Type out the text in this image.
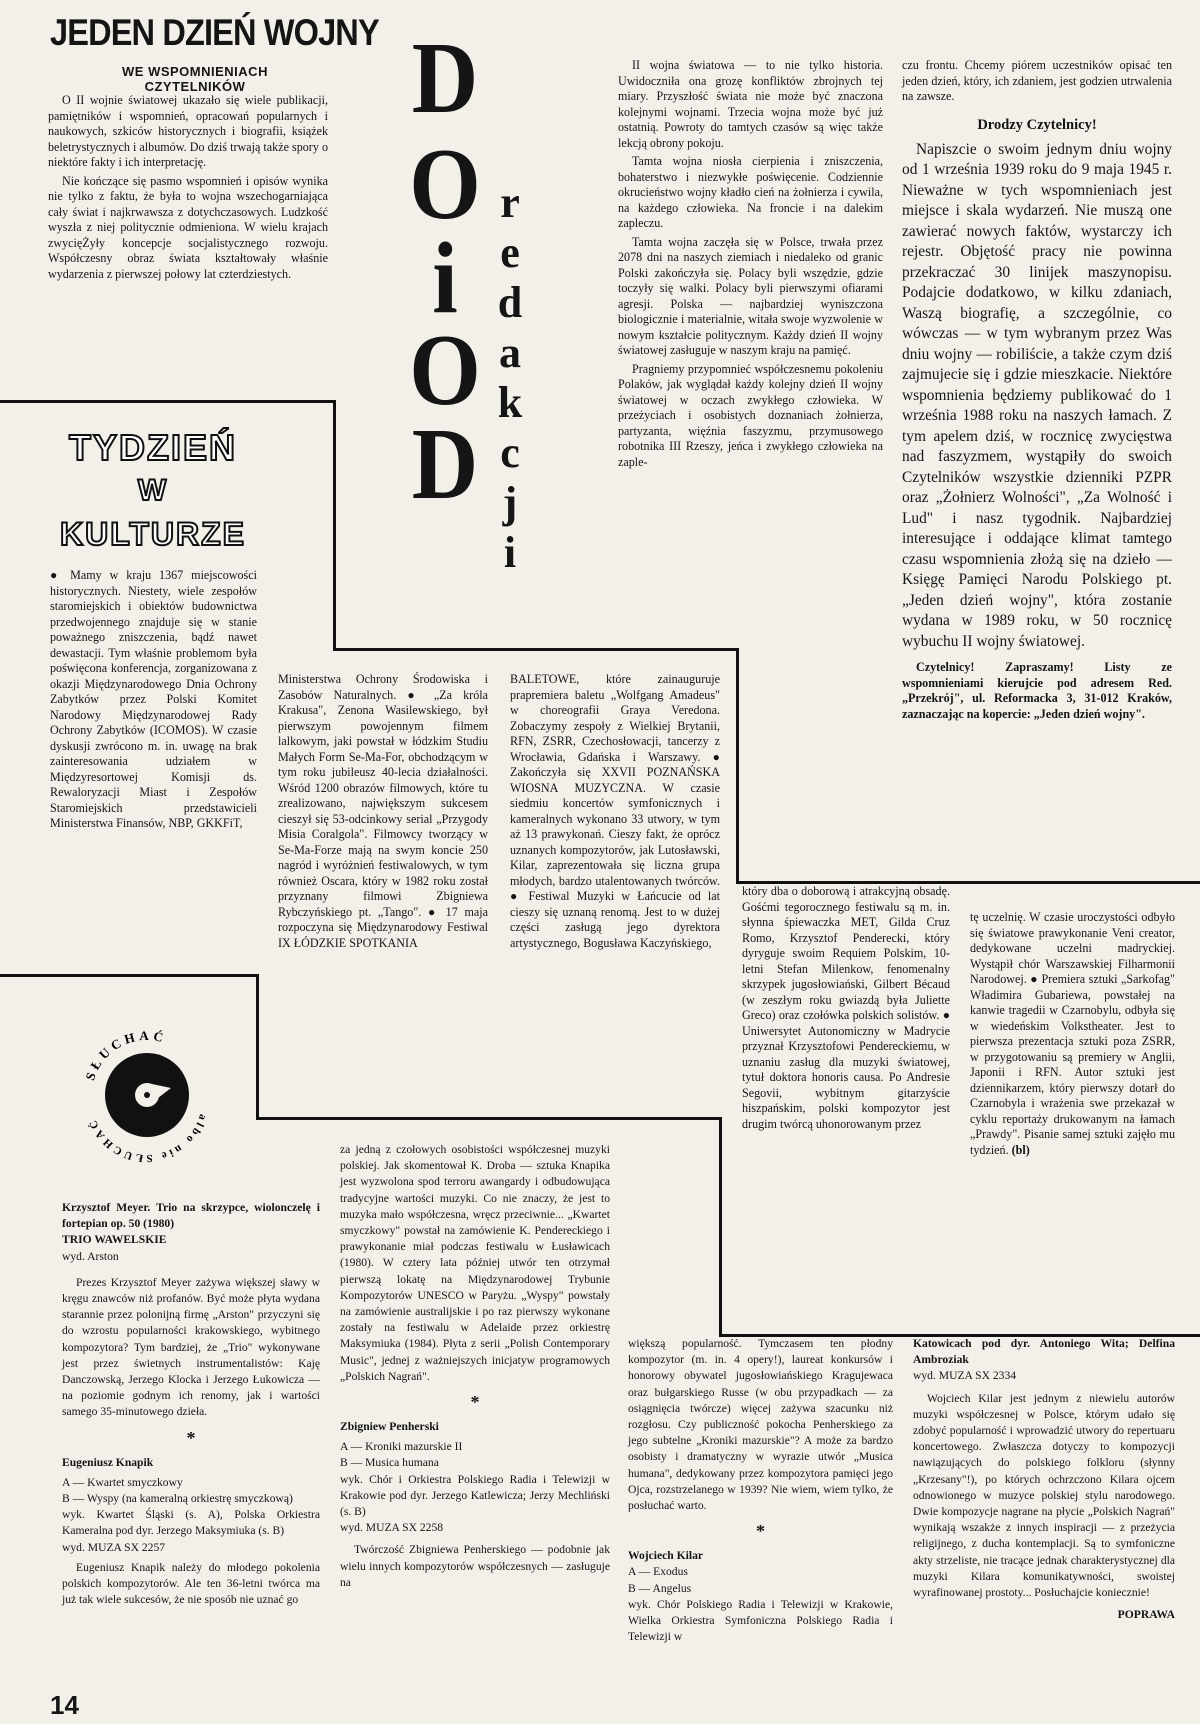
JEDEN DZIEŃ WOJNY
WE WSPOMNIENIACH
CZYTELNIKÓW

O II wojnie światowej ukazało się wiele publikacji, pamiętników i wspomnień, opracowań popularnych i naukowych, szkiców historycznych i biografii, książek beletrystycznych i albumów. Do dziś trwają także spory o niektóre fakty i ich interpretację.

Nie kończące się pasmo wspomnień i opisów wynika nie tylko z faktu, że była to wojna wszechogarniająca cały świat i najkrwawsza z dotychczasowych. Ludzkość wyszła z niej politycznie odmieniona. W wielu krajach zwycięŻyły koncepcje socjalistycznego rozwoju. Współczesny obraz świata kształtowały właśnie wydarzenia z pierwszej połowy lat czterdziestych.

D
O
i
O
D
r
e
d
a
k
c
j
i

II wojna światowa — to nie tylko historia. Uwidoczniła ona grozę konfliktów zbrojnych tej miary. Przyszłość świata nie może być znaczona kolejnymi wojnami. Trzecia wojna może być już ostatnią. Powroty do tamtych czasów są więc także lekcją obrony pokoju.

Tamta wojna niosła cierpienia i zniszczenia, bohaterstwo i niezwykłe poświęcenie. Codziennie okrucieństwo wojny kładło cień na żołnierza i cywila, na każdego człowieka. Na froncie i na dalekim zapleczu.

Tamta wojna zaczęła się w Polsce, trwała przez 2078 dni na naszych ziemiach i niedaleko od granic Polski zakończyła się. Polacy byli wszędzie, gdzie toczyły się walki. Polacy byli pierwszymi ofiarami agresji. Polska — najbardziej wyniszczona biologicznie i materialnie, witała swoje wyzwolenie w nowym kształcie politycznym. Każdy dzień II wojny światowej zasługuje w naszym kraju na pamięć.

Pragniemy przypomnieć współczesnemu pokoleniu Polaków, jak wyglądał każdy kolejny dzień II wojny światowej w oczach zwykłego człowieka. W przeżyciach i osobistych doznaniach żołnierza, partyzanta, więźnia faszyzmu, przymusowego robotnika III Rzeszy, jeńca i zwykłego człowieka na zaple-

czu frontu. Chcemy piórem uczestników opisać ten jeden dzień, który, ich zdaniem, jest godzien utrwalenia na zawsze.

Drodzy Czytelnicy!

Napiszcie o swoim jednym dniu wojny od 1 września 1939 roku do 9 maja 1945 r. Nieważne w tych wspomnieniach jest miejsce i skala wydarzeń. Nie muszą one zawierać nowych faktów, wystarczy ich rejestr. Objętość pracy nie powinna przekraczać 30 linijek maszynopisu. Podajcie dodatkowo, w kilku zdaniach, Waszą biografię, a szczególnie, co wówczas — w tym wybranym przez Was dniu wojny — robiliście, a także czym dziś zajmujecie się i gdzie mieszkacie. Niektóre wspomnienia będziemy publikować do 1 września 1988 roku na naszych łamach. Z tym apelem dziś, w rocznicę zwycięstwa nad faszyzmem, wystąpiły do swoich Czytelników wszystkie dzienniki PZPR oraz „Żołnierz Wolności", „Za Wolność i Lud" i nasz tygodnik. Najbardziej interesujące i oddające klimat tamtego czasu wspomnienia złożą się na dzieło — Księgę Pamięci Narodu Polskiego pt. „Jeden dzień wojny", która zostanie wydana w 1989 roku, w 50 rocznicę wybuchu II wojny światowej.

Czytelnicy! Zapraszamy! Listy ze wspomnieniami kierujcie pod adresem Red. „Przekrój", ul. Reformacka 3, 31-012 Kraków, zaznaczając na kopercie: „Jeden dzień wojny".

TYDZIEŃ
W
KULTURZE

● Mamy w kraju 1367 miejscowości historycznych. Niestety, wiele zespołów staromiejskich i obiektów budownictwa przedwojennego znajduje się w stanie poważnego zniszczenia, bądź nawet dewastacji. Tym właśnie problemom była poświęcona konferencja, zorganizowana z okazji Międzynarodowego Dnia Ochrony Zabytków przez Polski Komitet Narodowy Międzynarodowej Rady Ochrony Zabytków (ICOMOS). W czasie dyskusji zwrócono m. in. uwagę na brak zainteresowania udziałem w Międzyresortowej Komisji ds. Rewaloryzacji Miast i Zespołów Staromiejskich przedstawicieli Ministerstwa Finansów, NBP, GKKFiT,

Ministerstwa Ochrony Środowiska i Zasobów Naturalnych. ● „Za króla Krakusa", Zenona Wasilewskiego, był pierwszym powojennym filmem lalkowym, jaki powstał w łódzkim Studiu Małych Form Se-Ma-For, obchodzącym w tym roku jubileusz 40-lecia działalności. Wśród 1200 obrazów filmowych, które tu zrealizowano, największym sukcesem cieszył się 53-odcinkowy serial „Przygody Misia Coralgola". Filmowcy tworzący w Se-Ma-Forze mają na swym koncie 250 nagród i wyróżnień festiwalowych, w tym również Oscara, który w 1982 roku został przyznany filmowi Zbigniewa Rybczyńskiego pt. „Tango". ● 17 maja rozpoczyna się Międzynarodowy Festiwal IX ŁÓDZKIE SPOTKANIA

BALETOWE, które zainauguruje prapremiera baletu „Wolfgang Amadeus" w choreografii Graya Veredona. Zobaczymy zespoły z Wielkiej Brytanii, RFN, ZSRR, Czechosłowacji, tancerzy z Wrocławia, Gdańska i Warszawy. ● Zakończyła się XXVII POZNAŃSKA WIOSNA MUZYCZNA. W czasie siedmiu koncertów symfonicznych i kameralnych wykonano 33 utwory, w tym aż 13 prawykonań. Cieszy fakt, że oprócz uznanych kompozytorów, jak Lutosławski, Kilar, zaprezentowała się liczna grupa młodych, bardzo utalentowanych twórców. ● Festiwal Muzyki w Łańcucie od lat cieszy się uznaną renomą. Jest to w dużej części zasługą jego dyrektora artystycznego, Bogusława Kaczyńskiego,

który dba o doborową i atrakcyjną obsadę. Gośćmi tegorocznego festiwalu są m. in. słynna śpiewaczka MET, Gilda Cruz Romo, Krzysztof Penderecki, który dyryguje swoim Requiem Polskim, 10-letni Stefan Milenkow, fenomenalny skrzypek jugosłowiański, Gilbert Bécaud (w zeszłym roku gwiazdą była Juliette Greco) oraz czołówka polskich solistów. ● Uniwersytet Autonomiczny w Madrycie przyznał Krzysztofowi Pendereckiemu, w uznaniu zasług dla muzyki światowej, tytuł doktora honoris causa. Po Andresie Segovii, wybitnym gitarzyście hiszpańskim, polski kompozytor jest drugim twórcą uhonorowanym przez

tę uczelnię. W czasie uroczystości odbyło się światowe prawykonanie Veni creator, dedykowane uczelni madryckiej. Wystąpił chór Warszawskiej Filharmonii Narodowej. ● Premiera sztuki „Sarkofag" Władimira Gubariewa, powstałej na kanwie tragedii w Czarnobylu, odbyła się w wiedeńskim Volkstheater. Jest to pierwsza prezentacja sztuki poza ZSRR, w przygotowaniu są premiery w Anglii, Japonii i RFN. Autor sztuki jest dziennikarzem, który pierwszy dotarł do Czarnobyla i wrażenia swe przekazał w cyklu reportaży drukowanym na łamach „Prawdy". Pisanie samej sztuki zajęło mu tydzień. (bl)

SŁUCHAĆ
albo nie SŁUCHAĆ

Krzysztof Meyer. Trio na skrzypce, wiolonczelę i fortepian op. 50 (1980)

TRIO WAWELSKIE

wyd. Arston

Prezes Krzysztof Meyer zażywa większej sławy w kręgu znawców niż profanów. Być może płyta wydana starannie przez polonijną firmę „Arston" przyczyni się do wzrostu popularności krakowskiego, wybitnego kompozytora? Tym bardziej, że „Trio" wykonywane jest przez świetnych instrumentalistów: Kaję Danczowską, Jerzego Klocka i Jerzego Łukowicza — na poziomie godnym ich renomy, jak i wartości samego 35-minutowego dzieła.

*

Eugeniusz Knapik

A — Kwartet smyczkowy

B — Wyspy (na kameralną orkiestrę smyczkową)

wyk. Kwartet Śląski (s. A), Polska Orkiestra Kameralna pod dyr. Jerzego Maksymiuka (s. B)

wyd. MUZA SX 2257

Eugeniusz Knapik należy do młodego pokolenia polskich kompozytorów. Ale ten 36-letni twórca ma już tak wiele sukcesów, że nie sposób nie uznać go

za jedną z czołowych osobistości współczesnej muzyki polskiej. Jak skomentował K. Droba — sztuka Knapika jest wyzwolona spod terroru awangardy i odbudowująca tradycyjne wartości muzyki. Co nie znaczy, że jest to muzyka mało współczesna, wręcz przeciwnie... „Kwartet smyczkowy" powstał na zamówienie K. Pendereckiego i prawykonanie miał podczas festiwalu w Łusławicach (1980). W cztery lata później utwór ten otrzymał pierwszą lokatę na Międzynarodowej Trybunie Kompozytorów UNESCO w Paryżu. „Wyspy" powstały na zamówienie australijskie i po raz pierwszy wykonane zostały na festiwalu w Adelaide przez orkiestrę Maksymiuka (1984). Płyta z serii „Polish Contemporary Music", jednej z ważniejszych inicjatyw programowych „Polskich Nagrań".

*

Zbigniew Penherski

A — Kroniki mazurskie II

B — Musica humana

wyk. Chór i Orkiestra Polskiego Radia i Telewizji w Krakowie pod dyr. Jerzego Katlewicza; Jerzy Mechliński (s. B)

wyd. MUZA SX 2258

Twórczość Zbigniewa Penherskiego — podobnie jak wielu innych kompozytorów współczesnych — zasługuje na

większą popularność. Tymczasem ten płodny kompozytor (m. in. 4 opery!), laureat konkursów i honorowy obywatel jugosłowiańskiego Kragujewaca oraz bułgarskiego Russe (w obu przypadkach — za osiągnięcia twórcze) więcej zażywa szacunku niż rozgłosu. Czy publiczność pokocha Penherskiego za jego subtelne „Kroniki mazurskie"? A może za bardzo osobisty i dramatyczny w wyrazie utwór „Musica humana", dedykowany przez kompozytora pamięci jego Ojca, rozstrzelanego w 1939? Nie wiem, wiem tylko, że posłuchać warto.

*

Wojciech Kilar

A — Exodus

B — Angelus

wyk. Chór Polskiego Radia i Telewizji w Krakowie, Wielka Orkiestra Symfoniczna Polskiego Radia i Telewizji w

Katowicach pod dyr. Antoniego Wita; Delfina Ambroziak

wyd. MUZA SX 2334

Wojciech Kilar jest jednym z niewielu autorów muzyki współczesnej w Polsce, którym udało się zdobyć popularność i wprowadzić utwory do repertuaru koncertowego. Zwłaszcza dotyczy to kompozycji nawiązujących do polskiego folkloru (słynny „Krzesany"!), po których ochrzczono Kilara ojcem odnowionego w muzyce polskiej stylu narodowego. Dwie kompozycje nagrane na płycie „Polskich Nagrań" wynikają wszakże z innych inspiracji — z przeżycia religijnego, z ducha kontemplacji. Są to symfoniczne akty strzeliste, nie tracące jednak charakterystycznej dla muzyki Kilara komunikatywności, swoistej wyrafinowanej prostoty... Posłuchajcie koniecznie!

POPRAWA

14
